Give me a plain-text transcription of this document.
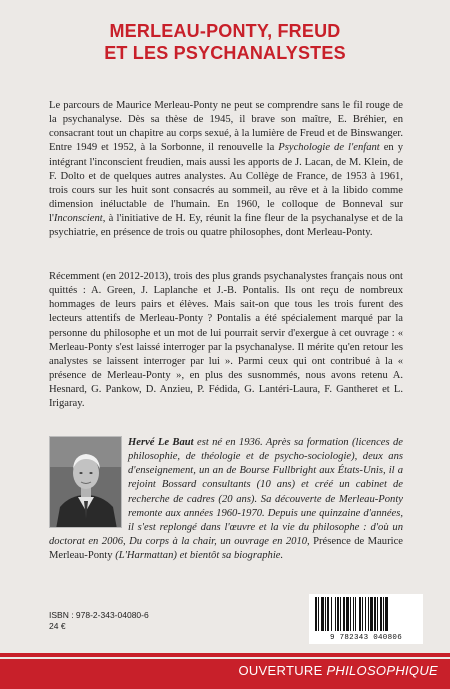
MERLEAU-PONTY, FREUD
ET LES PSYCHANALYSTES

Le parcours de Maurice Merleau-Ponty ne peut se comprendre sans le fil rouge de la psychanalyse. Dès sa thèse de 1945, il brave son maître, E. Bréhier, en consacrant tout un chapitre au corps sexué, à la lumière de Freud et de Binswanger. Entre 1949 et 1952, à la Sorbonne, il renouvelle la Psychologie de l'enfant en y intégrant l'inconscient freudien, mais aussi les apports de J. Lacan, de M. Klein, de F. Dolto et de quelques autres analystes. Au Collège de France, de 1953 à 1961, trois cours sur les huit sont consacrés au sommeil, au rêve et à la libido comme dimension inéluctable de l'humain. En 1960, le colloque de Bonneval sur l'Inconscient, à l'initiative de H. Ey, réunit la fine fleur de la psychanalyse et de la psychiatrie, en présence de trois ou quatre philosophes, dont Merleau-Ponty.

Récemment (en 2012-2013), trois des plus grands psychanalystes français nous ont quittés : A. Green, J. Laplanche et J.-B. Pontalis. Ils ont reçu de nombreux hommages de leurs pairs et élèves. Mais sait-on que tous les trois furent des lecteurs attentifs de Merleau-Ponty ? Pontalis a été spécialement marqué par la personne du philosophe et un mot de lui pourrait servir d'exergue à cet ouvrage : « Merleau-Ponty s'est laissé interroger par la psychanalyse. Il mérite qu'en retour les analystes se laissent interroger par lui ». Parmi ceux qui ont contribué à la « présence de Merleau-Ponty », en plus des susnommés, nous avons retenu A. Hesnard, G. Pankow, D. Anzieu, P. Fédida, G. Lantéri-Laura, F. Gantheret et L. Irigaray.

Hervé Le Baut est né en 1936. Après sa formation (licences de philosophie, de théologie et de psycho-sociologie), deux ans d'enseignement, un an de Bourse Fullbright aux États-Unis, il a rejoint Bossard consultants (10 ans) et créé un cabinet de recherche de cadres (20 ans). Sa découverte de Merleau-Ponty remonte aux années 1960-1970. Depuis une quinzaine d'années, il s'est replongé dans l'œuvre et la vie du philosophe : d'où un doctorat en 2006, Du corps à la chair, un ouvrage en 2010, Présence de Maurice Merleau-Ponty (L'Harmattan) et bientôt sa biographie.
ISBN : 978-2-343-04080-6
24 €
9 782343 040806
OUVERTURE PHILOSOPHIQUE
